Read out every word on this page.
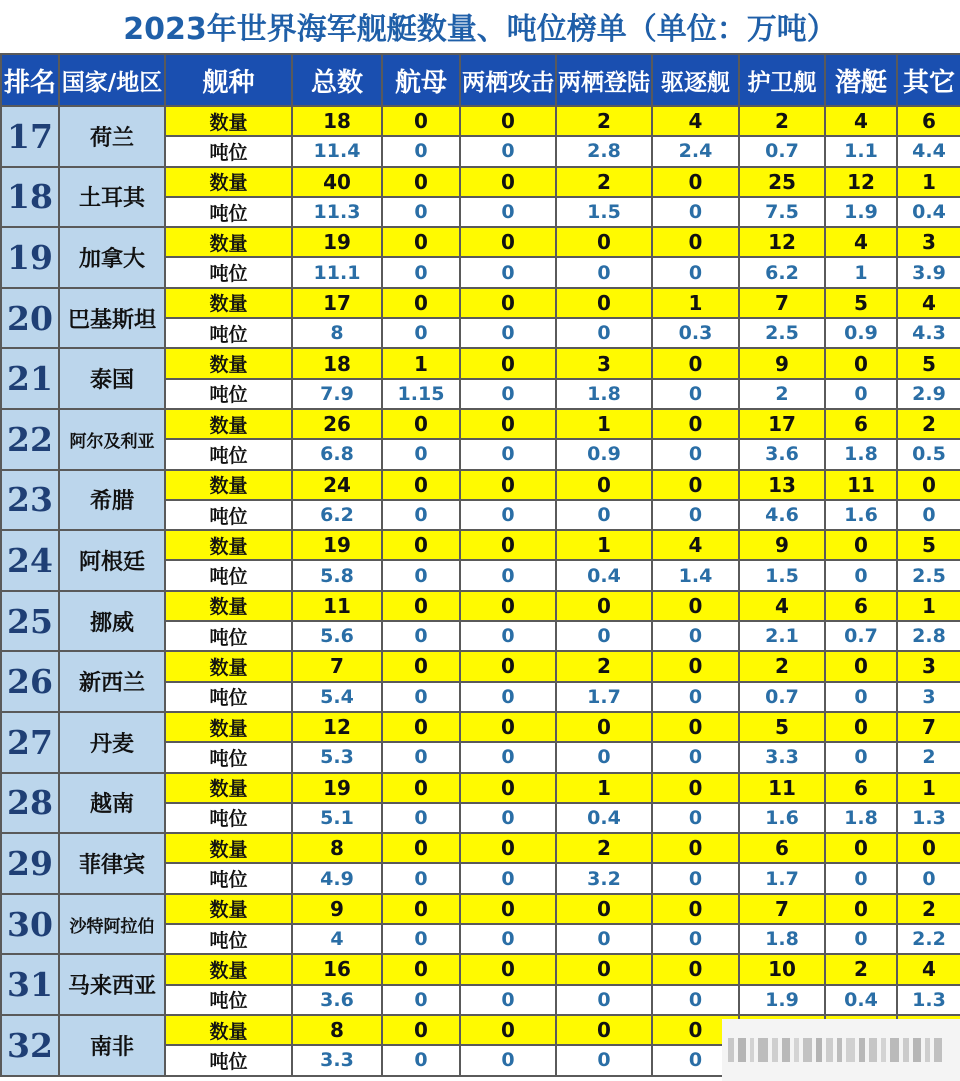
2023年世界海军舰艇数量、吨位榜单（单位：万吨）
排名	国家/地区	舰种	总数	航母	两栖攻击	两栖登陆	驱逐舰	护卫舰	潜艇	其它
17	荷兰	数量	18	0	0	2	4	2	4	6
		吨位	11.4	0	0	2.8	2.4	0.7	1.1	4.4
18	土耳其	数量	40	0	0	2	0	25	12	1
		吨位	11.3	0	0	1.5	0	7.5	1.9	0.4
19	加拿大	数量	19	0	0	0	0	12	4	3
		吨位	11.1	0	0	0	0	6.2	1	3.9
20	巴基斯坦	数量	17	0	0	0	1	7	5	4
		吨位	8	0	0	0	0.3	2.5	0.9	4.3
21	泰国	数量	18	1	0	3	0	9	0	5
		吨位	7.9	1.15	0	1.8	0	2	0	2.9
22	阿尔及利亚	数量	26	0	0	1	0	17	6	2
		吨位	6.8	0	0	0.9	0	3.6	1.8	0.5
23	希腊	数量	24	0	0	0	0	13	11	0
		吨位	6.2	0	0	0	0	4.6	1.6	0
24	阿根廷	数量	19	0	0	1	4	9	0	5
		吨位	5.8	0	0	0.4	1.4	1.5	0	2.5
25	挪威	数量	11	0	0	0	0	4	6	1
		吨位	5.6	0	0	0	0	2.1	0.7	2.8
26	新西兰	数量	7	0	0	2	0	2	0	3
		吨位	5.4	0	0	1.7	0	0.7	0	3
27	丹麦	数量	12	0	0	0	0	5	0	7
		吨位	5.3	0	0	0	0	3.3	0	2
28	越南	数量	19	0	0	1	0	11	6	1
		吨位	5.1	0	0	0.4	0	1.6	1.8	1.3
29	菲律宾	数量	8	0	0	2	0	6	0	0
		吨位	4.9	0	0	3.2	0	1.7	0	0
30	沙特阿拉伯	数量	9	0	0	0	0	7	0	2
		吨位	4	0	0	0	0	1.8	0	2.2
31	马来西亚	数量	16	0	0	0	0	10	2	4
		吨位	3.6	0	0	0	0	1.9	0.4	1.3
32	南非	数量	8	0	0	0	0			
		吨位	3.3	0	0	0	0			
